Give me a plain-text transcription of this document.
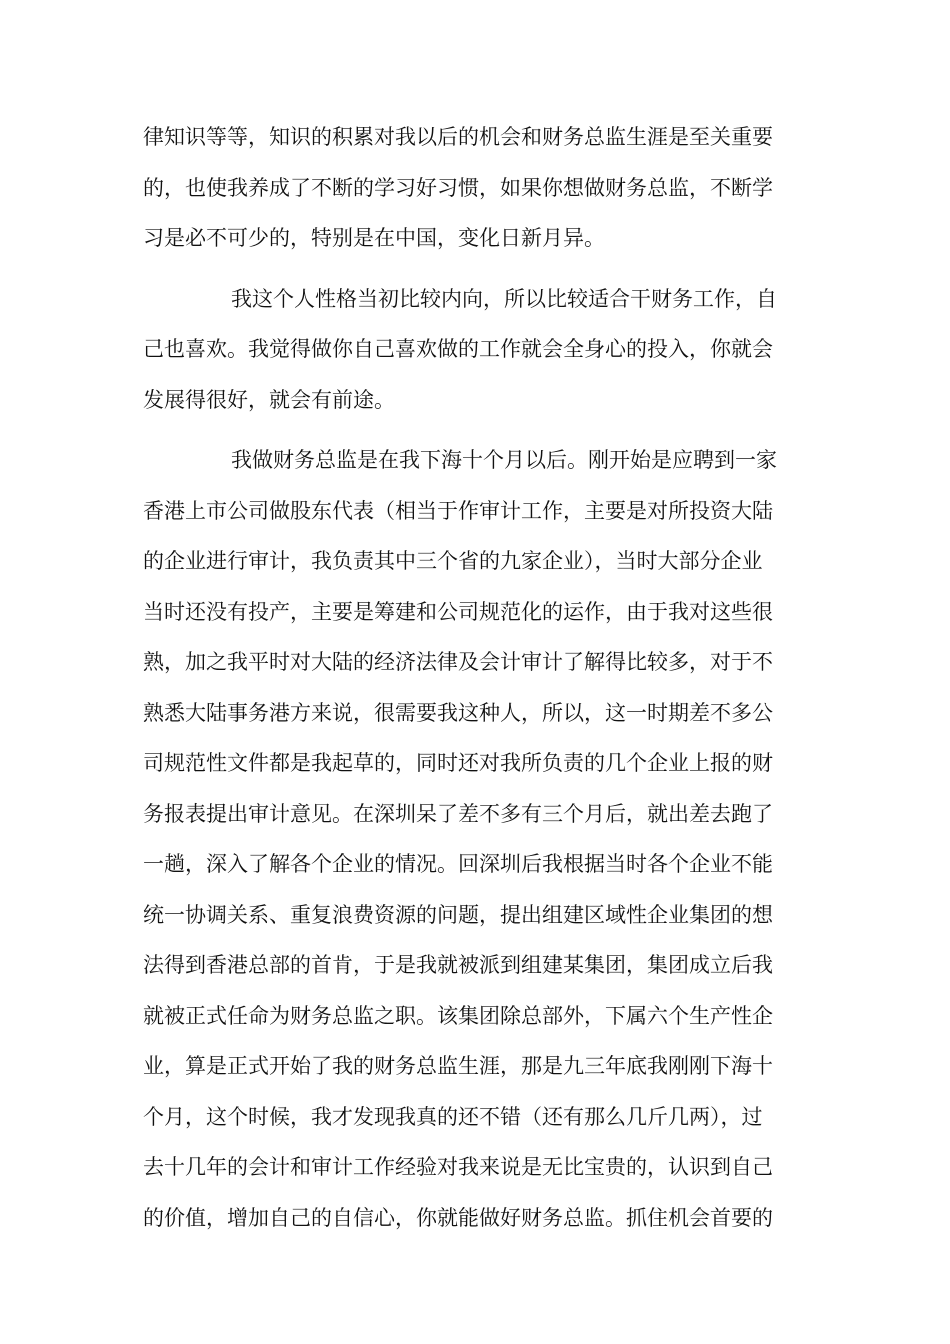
律知识等等，知识的积累对我以后的机会和财务总监生涯是至关重要
的，也使我养成了不断的学习好习惯，如果你想做财务总监，不断学
习是必不可少的，特别是在中国，变化日新月异。
我这个人性格当初比较内向，所以比较适合干财务工作，自
己也喜欢。我觉得做你自己喜欢做的工作就会全身心的投入，你就会
发展得很好，就会有前途。
我做财务总监是在我下海十个月以后。刚开始是应聘到一家
香港上市公司做股东代表（相当于作审计工作，主要是对所投资大陆
的企业进行审计，我负责其中三个省的九家企业），当时大部分企业
当时还没有投产，主要是筹建和公司规范化的运作，由于我对这些很
熟，加之我平时对大陆的经济法律及会计审计了解得比较多，对于不
熟悉大陆事务港方来说，很需要我这种人，所以，这一时期差不多公
司规范性文件都是我起草的，同时还对我所负责的几个企业上报的财
务报表提出审计意见。在深圳呆了差不多有三个月后，就出差去跑了
一趟，深入了解各个企业的情况。回深圳后我根据当时各个企业不能
统一协调关系、重复浪费资源的问题，提出组建区域性企业集团的想
法得到香港总部的首肯，于是我就被派到组建某集团，集团成立后我
就被正式任命为财务总监之职。该集团除总部外，下属六个生产性企
业，算是正式开始了我的财务总监生涯，那是九三年底我刚刚下海十
个月，这个时候，我才发现我真的还不错（还有那么几斤几两），过
去十几年的会计和审计工作经验对我来说是无比宝贵的，认识到自己
的价值，增加自己的自信心，你就能做好财务总监。抓住机会首要的
